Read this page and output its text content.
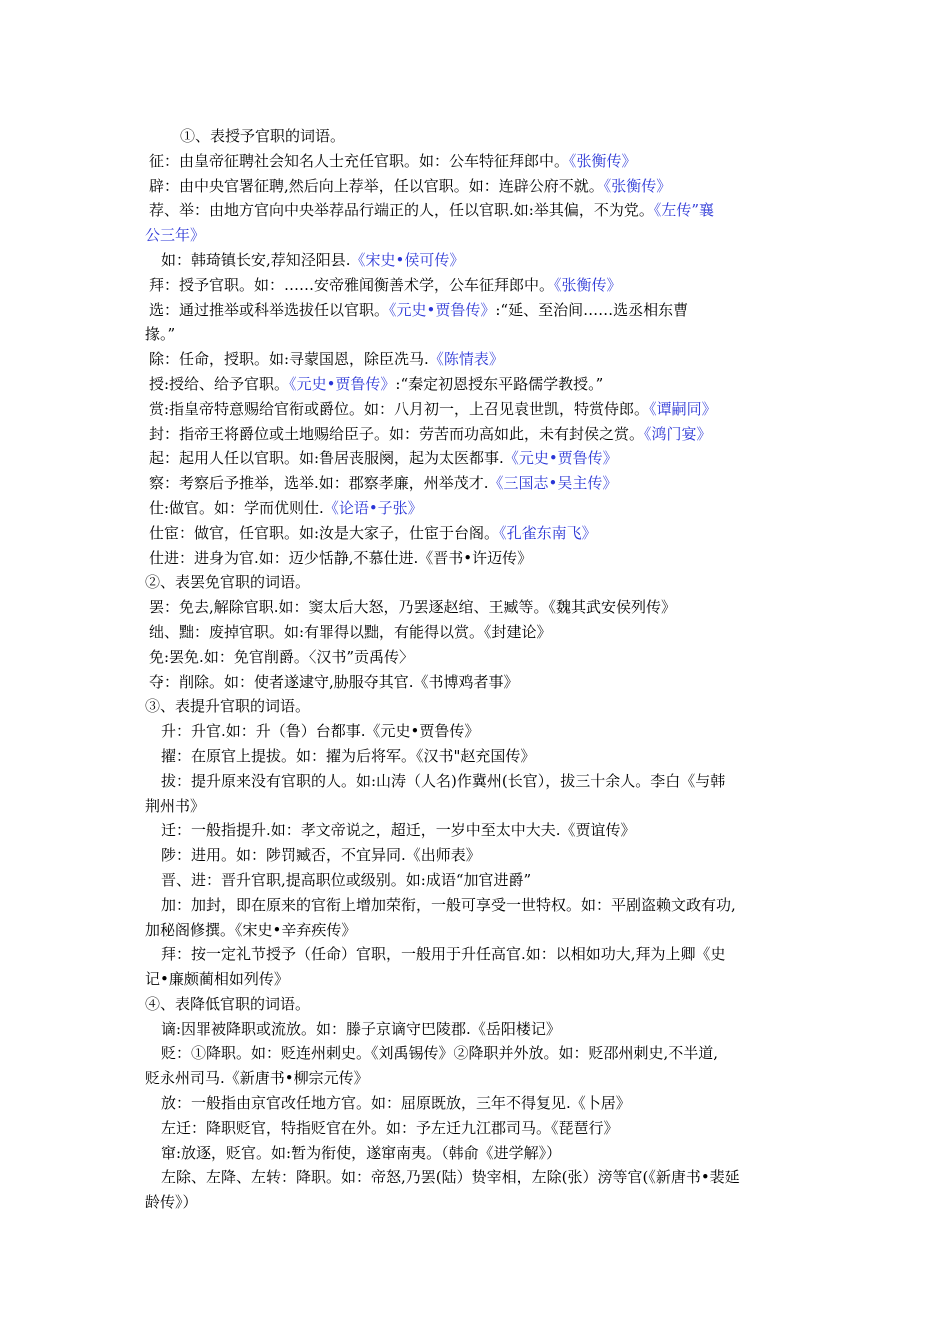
①、表授予官职的词语。
征：由皇帝征聘社会知名人士充任官职。如：公车特征拜郎中。《张衡传》
辟：由中央官署征聘,然后向上荐举，任以官职。如：连辟公府不就。《张衡传》
荐、举：由地方官向中央举荐品行端正的人，任以官职.如:举其偏，不为党。《左传”襄
公三年》
如：韩琦镇长安,荐知泾阳县.《宋史•侯可传》
拜：授予官职。如：……安帝雅闻衡善术学，公车征拜郎中。《张衡传》
选：通过推举或科举选拔任以官职。《元史•贾鲁传》:“延、至治间……选丞相东曹
掾。”
除：任命，授职。如:寻蒙国恩，除臣冼马.《陈情表》
授:授给、给予官职。《元史•贾鲁传》:“秦定初恩授东平路儒学教授。”
赏:指皇帝特意赐给官衔或爵位。如：八月初一，上召见袁世凯，特赏侍郎。《谭嗣同》
封：指帝王将爵位或土地赐给臣子。如：劳苦而功高如此，未有封侯之赏。《鸿门宴》
起：起用人任以官职。如:鲁居丧服阕，起为太医都事.《元史•贾鲁传》
察：考察后予推举，选举.如：郡察孝廉，州举茂才.《三国志•吴主传》
仕:做官。如：学而优则仕.《论语•子张》
仕宦：做官，任官职。如:汝是大家子，仕宦于台阁。《孔雀东南飞》
仕进：进身为官.如：迈少恬静,不慕仕进.《晋书•许迈传》
②、表罢免官职的词语。
罢：免去,解除官职.如：窦太后大怒，乃罢逐赵绾、王臧等。《魏其武安侯列传》
绌、黜：废掉官职。如:有罪得以黜，有能得以赏。《封建论》
免:罢免.如：免官削爵。〈汉书”贡禹传〉
夺：削除。如：使者遂逮守,胁服夺其官.《书博鸡者事》
③、表提升官职的词语。
升：升官.如：升（鲁）台都事.《元史•贾鲁传》
擢：在原官上提拔。如：擢为后将军。《汉书"赵充国传》
拔：提升原来没有官职的人。如:山涛（人名)作冀州(长官），拔三十余人。李白《与韩
荆州书》
迁：一般指提升.如：孝文帝说之，超迁，一岁中至太中大夫.《贾谊传》
陟：进用。如：陟罚臧否，不宜异同.《出师表》
晋、进：晋升官职,提高职位或级别。如:成语“加官进爵”
加：加封，即在原来的官衔上增加荣衔，一般可享受一世特权。如：平剧盗赖文政有功,
加秘阁修撰。《宋史•辛弃疾传》
拜：按一定礼节授予（任命）官职，一般用于升任高官.如：以相如功大,拜为上卿《史
记•廉颇蔺相如列传》
④、表降低官职的词语。
谪:因罪被降职或流放。如：滕子京谪守巴陵郡.《岳阳楼记》
贬：①降职。如：贬连州刺史。《刘禹锡传》②降职并外放。如：贬邵州刺史,不半道,
贬永州司马.《新唐书•柳宗元传》
放：一般指由京官改任地方官。如：屈原既放，三年不得复见.《卜居》
左迁：降职贬官，特指贬官在外。如：予左迁九江郡司马。《琵琶行》
窜:放逐，贬官。如:暂为衔使，遂窜南夷。（韩俞《进学解》）
左除、左降、左转：降职。如：帝怒,乃罢(陆）贽宰相，左除(张）滂等官(《新唐书•裴延
龄传》）
